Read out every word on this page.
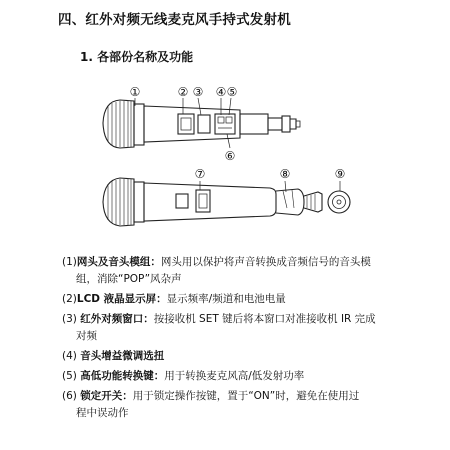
四、红外对频无线麦克风手持式发射机
1. 各部份名称及功能
①	② ③ ④ ⑤
⑥
⑦	⑧	⑨
(1)网头及音头模组：网头用以保护将声音转换成音频信号的音头模
组，消除“POP”风杂声
(2)LCD 液晶显示屏：显示频率/频道和电池电量
(3) 红外对频窗口：按接收机 SET 键后将本窗口对准接收机 IR 完成
对频
(4) 音头增益微调选扭
(5) 高低功能转换键：用于转换麦克风高/低发射功率
(6) 锁定开关：用于锁定操作按键，置于“ON”时，避免在使用过
程中误动作
